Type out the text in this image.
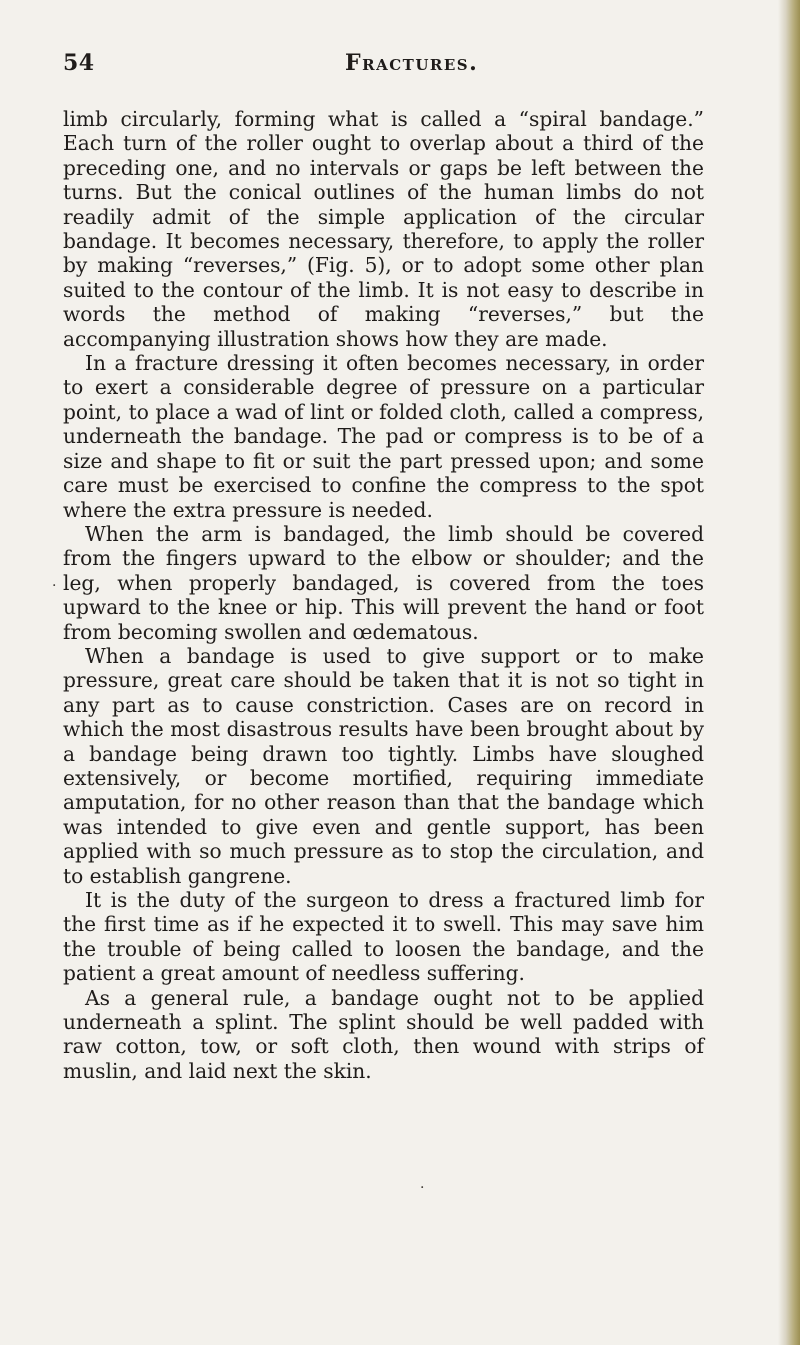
54	Fractures.

limb circularly, forming what is called a “spiral bandage.” Each turn of the roller ought to overlap about a third of the preceding one, and no intervals or gaps be left between the turns. But the conical outlines of the human limbs do not readily admit of the simple application of the circular bandage. It becomes necessary, therefore, to apply the roller by making “reverses,” (Fig. 5), or to adopt some other plan suited to the contour of the limb. It is not easy to describe in words the method of making “reverses,” but the accompanying illustration shows how they are made.

In a fracture dressing it often becomes necessary, in order to exert a considerable degree of pressure on a particular point, to place a wad of lint or folded cloth, called a compress, underneath the bandage. The pad or compress is to be of a size and shape to fit or suit the part pressed upon; and some care must be exercised to confine the compress to the spot where the extra pressure is needed.

When the arm is bandaged, the limb should be covered from the fingers upward to the elbow or shoulder; and the leg, when properly bandaged, is covered from the toes upward to the knee or hip. This will prevent the hand or foot from becoming swollen and œdematous.

When a bandage is used to give support or to make pressure, great care should be taken that it is not so tight in any part as to cause constriction. Cases are on record in which the most disastrous results have been brought about by a bandage being drawn too tightly. Limbs have sloughed extensively, or become mortified, requiring immediate amputation, for no other reason than that the bandage which was intended to give even and gentle support, has been applied with so much pressure as to stop the circulation, and to establish gangrene.

It is the duty of the surgeon to dress a fractured limb for the first time as if he expected it to swell. This may save him the trouble of being called to loosen the bandage, and the patient a great amount of needless suffering.

As a general rule, a bandage ought not to be applied underneath a splint. The splint should be well padded with raw cotton, tow, or soft cloth, then wound with strips of muslin, and laid next the skin.

·
·
